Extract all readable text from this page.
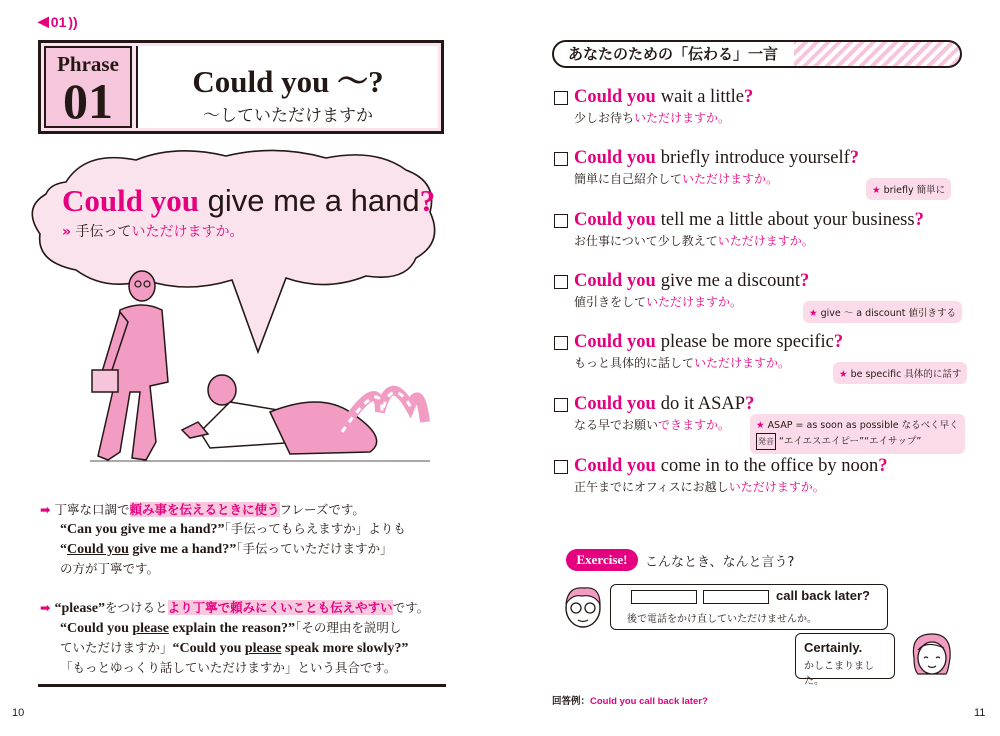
◀ 01 ))
Phrase
01	Could you ～?
～していただけますか
Could you give me a hand?
» 手伝っていただけますか。
➡ 丁寧な口調で頼み事を伝えるときに使うフレーズです。
“Can you give me a hand?”「手伝ってもらえますか」よりも
“Could you give me a hand?”「手伝っていただけますか」
の方が丁寧です。
➡ “please”をつけるとより丁寧で頼みにくいことも伝えやすいです。
“Could you please explain the reason?”「その理由を説明し
ていただけますか」“Could you please speak more slowly?”
「もっとゆっくり話していただけますか」という具合です。
10
あなたのための「伝わる」一言
Could you wait a little ?
少しお待ちいただけますか。
Could you briefly introduce yourself ?
簡単に自己紹介していただけますか。
★ briefly 簡単に
Could you tell me a little about your business ?
お仕事について少し教えていただけますか。
Could you give me a discount ?
値引きをしていただけますか。
★ give ～ a discount 値引きする
Could you please be more specific ?
もっと具体的に話していただけますか。
★ be specific 具体的に話す
Could you do it ASAP ?
なる早でお願いできますか。	★ ASAP = as soon as possible なるべく早く
発音 “エイエスエイピー”“エイサップ”
Could you come in to the office by noon ?
正午までにオフィスにお越しいただけますか。
Exercise!	こんなとき、なんと言う?
call back later?
後で電話をかけ直していただけませんか。
Certainly.
かしこまりました。
回答例：Could you call back later?
11
